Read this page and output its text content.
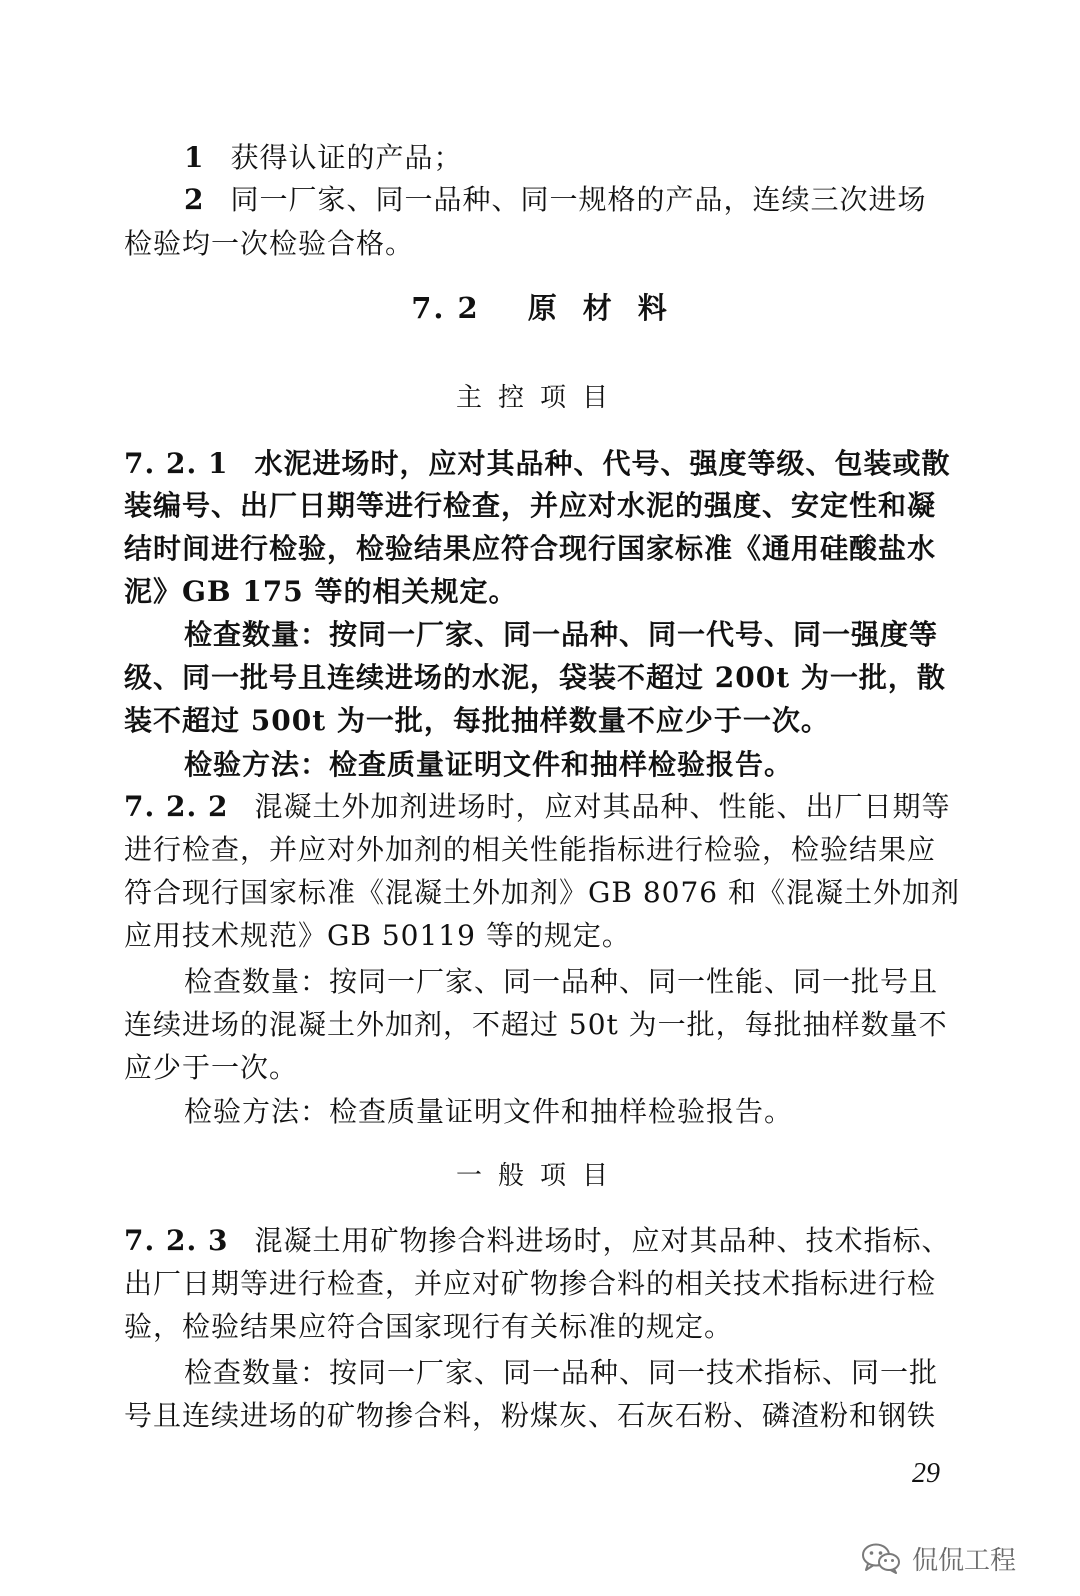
1 获得认证的产品；
2 同一厂家、同一品种、同一规格的产品，连续三次进场
检验均一次检验合格。
7. 2 原 材 料
主控项目
7. 2. 1 水泥进场时，应对其品种、代号、强度等级、包装或散
装编号、出厂日期等进行检查，并应对水泥的强度、安定性和凝
结时间进行检验，检验结果应符合现行国家标准《通用硅酸盐水
泥》GB 175 等的相关规定。
检查数量：按同一厂家、同一品种、同一代号、同一强度等
级、同一批号且连续进场的水泥，袋装不超过 200t 为一批，散
装不超过 500t 为一批，每批抽样数量不应少于一次。
检验方法：检查质量证明文件和抽样检验报告。
7. 2. 2 混凝土外加剂进场时，应对其品种、性能、出厂日期等
进行检查，并应对外加剂的相关性能指标进行检验，检验结果应
符合现行国家标准《混凝土外加剂》GB 8076 和《混凝土外加剂
应用技术规范》GB 50119 等的规定。
检查数量：按同一厂家、同一品种、同一性能、同一批号且
连续进场的混凝土外加剂，不超过 50t 为一批，每批抽样数量不
应少于一次。
检验方法：检查质量证明文件和抽样检验报告。
一般项目
7. 2. 3 混凝土用矿物掺合料进场时，应对其品种、技术指标、
出厂日期等进行检查，并应对矿物掺合料的相关技术指标进行检
验，检验结果应符合国家现行有关标准的规定。
检查数量：按同一厂家、同一品种、同一技术指标、同一批
号且连续进场的矿物掺合料，粉煤灰、石灰石粉、磷渣粉和钢铁
29
侃侃工程
